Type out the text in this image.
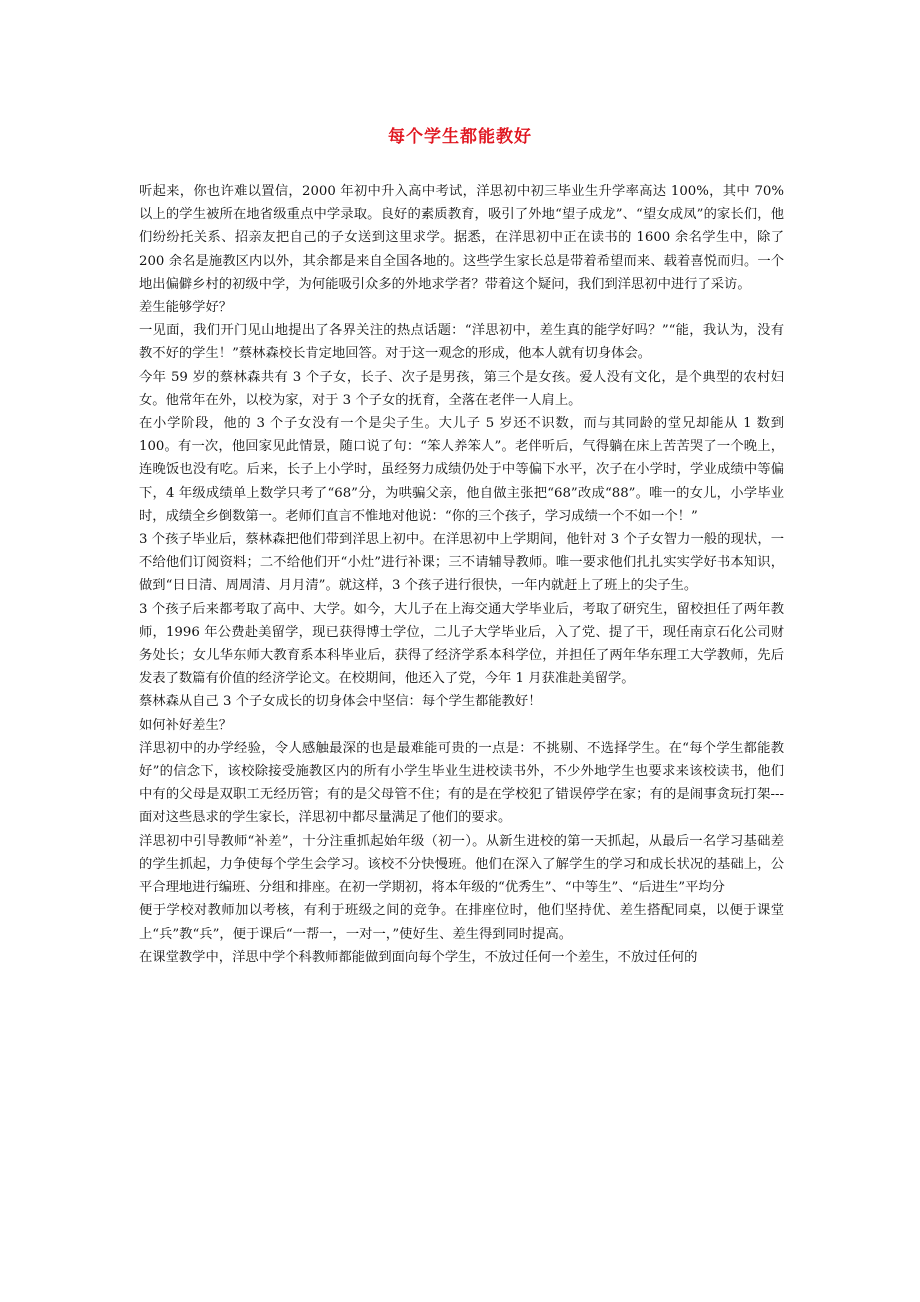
每个学生都能教好

听起来，你也许难以置信，2000 年初中升入高中考试，洋思初中初三毕业生升学率高达 100%，其中 70%以上的学生被所在地省级重点中学录取。良好的素质教育，吸引了外地“望子成龙”、“望女成凤”的家长们，他们纷纷托关系、招亲友把自己的子女送到这里求学。据悉，在洋思初中正在读书的 1600 余名学生中，除了 200 余名是施教区内以外，其余都是来自全国各地的。这些学生家长总是带着希望而来、载着喜悦而归。一个地出偏僻乡村的初级中学，为何能吸引众多的外地求学者？带着这个疑问，我们到洋思初中进行了采访。

差生能够学好？

一见面，我们开门见山地提出了各界关注的热点话题：“洋思初中，差生真的能学好吗？”“能，我认为，没有教不好的学生！”蔡林森校长肯定地回答。对于这一观念的形成，他本人就有切身体会。

今年 59 岁的蔡林森共有 3 个子女，长子、次子是男孩，第三个是女孩。爱人没有文化，是个典型的农村妇女。他常年在外，以校为家，对于 3 个子女的抚育，全落在老伴一人肩上。

在小学阶段，他的 3 个子女没有一个是尖子生。大儿子 5 岁还不识数，而与其同龄的堂兄却能从 1 数到 100。有一次，他回家见此情景，随口说了句：“笨人养笨人”。老伴听后，气得躺在床上苦苦哭了一个晚上，连晚饭也没有吃。后来，长子上小学时，虽经努力成绩仍处于中等偏下水平，次子在小学时，学业成绩中等偏下，4 年级成绩单上数学只考了“68”分，为哄骗父亲，他自做主张把“68”改成“88”。唯一的女儿，小学毕业时，成绩全乡倒数第一。老师们直言不惟地对他说：“你的三个孩子，学习成绩一个不如一个！”

3 个孩子毕业后，蔡林森把他们带到洋思上初中。在洋思初中上学期间，他针对 3 个子女智力一般的现状，一不给他们订阅资料；二不给他们开“小灶”进行补课；三不请辅导教师。唯一要求他们扎扎实实学好书本知识，做到“日日清、周周清、月月清”。就这样，3 个孩子进行很快，一年内就赶上了班上的尖子生。

3 个孩子后来都考取了高中、大学。如今，大儿子在上海交通大学毕业后，考取了研究生，留校担任了两年教师，1996 年公费赴美留学，现已获得博士学位，二儿子大学毕业后，入了党、提了干，现任南京石化公司财务处长；女儿华东师大教育系本科毕业后，获得了经济学系本科学位，并担任了两年华东理工大学教师，先后发表了数篇有价值的经济学论文。在校期间，他还入了党，今年 1 月获准赴美留学。

蔡林森从自己 3 个子女成长的切身体会中坚信：每个学生都能教好！

如何补好差生？

洋思初中的办学经验，令人感触最深的也是最难能可贵的一点是：不挑剔、不选择学生。在“每个学生都能教好”的信念下，该校除接受施教区内的所有小学生毕业生进校读书外，不少外地学生也要求来该校读书，他们中有的父母是双职工无经历管；有的是父母管不住；有的是在学校犯了错误停学在家；有的是闹事贪玩打架---面对这些恳求的学生家长，洋思初中都尽量满足了他们的要求。

洋思初中引导教师“补差”，十分注重抓起始年级（初一）。从新生进校的第一天抓起，从最后一名学习基础差的学生抓起，力争使每个学生会学习。该校不分快慢班。他们在深入了解学生的学习和成长状况的基础上，公平合理地进行编班、分组和排座。在初一学期初，将本年级的“优秀生”、“中等生”、“后进生”平均分

便于学校对教师加以考核，有利于班级之间的竞争。在排座位时，他们坚持优、差生搭配同桌，以便于课堂上“兵”教“兵”，便于课后“一帮一，一对一，”使好生、差生得到同时提高。

在课堂教学中，洋思中学个科教师都能做到面向每个学生，不放过任何一个差生，不放过任何的
